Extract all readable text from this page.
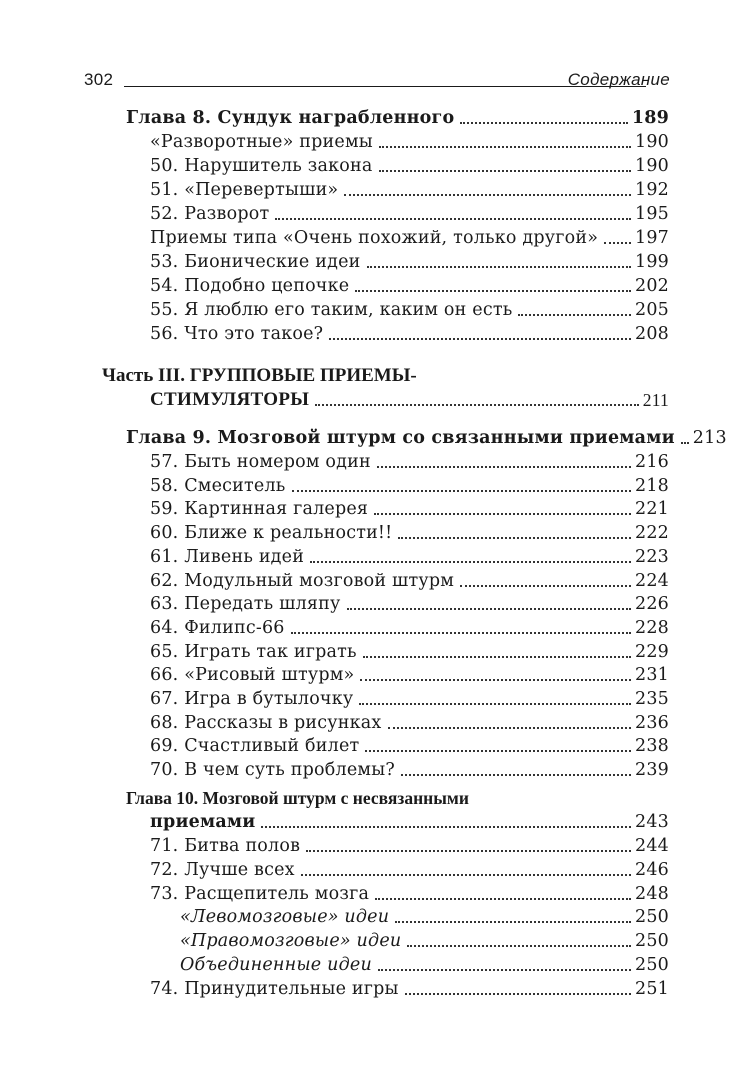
302	Содержание
Глава 8. Сундук награбленного	189
«Разворотные» приемы	190
50. Нарушитель закона	190
51. «Перевертыши»	192
52. Разворот	195
Приемы типа «Очень похожий, только другой» 197
53. Бионические идеи	199
54. Подобно цепочке	202
55. Я люблю его таким, каким он есть	205
56. Что это такое?	208
Часть III. ГРУППОВЫЕ ПРИЕМЫ-
СТИМУЛЯТОРЫ	211
Глава 9. Мозговой штурм со связанными приемами 213
57. Быть номером один	216
58. Смеситель	218
59. Картинная галерея	221
60. Ближе к реальности!!	222
61. Ливень идей	223
62. Модульный мозговой штурм	224
63. Передать шляпу	226
64. Филипс-66	228
65. Играть так играть	229
66. «Рисовый штурм»	231
67. Игра в бутылочку	235
68. Рассказы в рисунках	236
69. Счастливый билет	238
70. В чем суть проблемы?	239
Глава 10. Мозговой штурм с несвязанными
приемами	243
71. Битва полов	244
72. Лучше всех	246
73. Расщепитель мозга	248
«Левомозговые» идеи	250
«Правомозговые» идеи	250
Объединенные идеи	250
74. Принудительные игры	251
